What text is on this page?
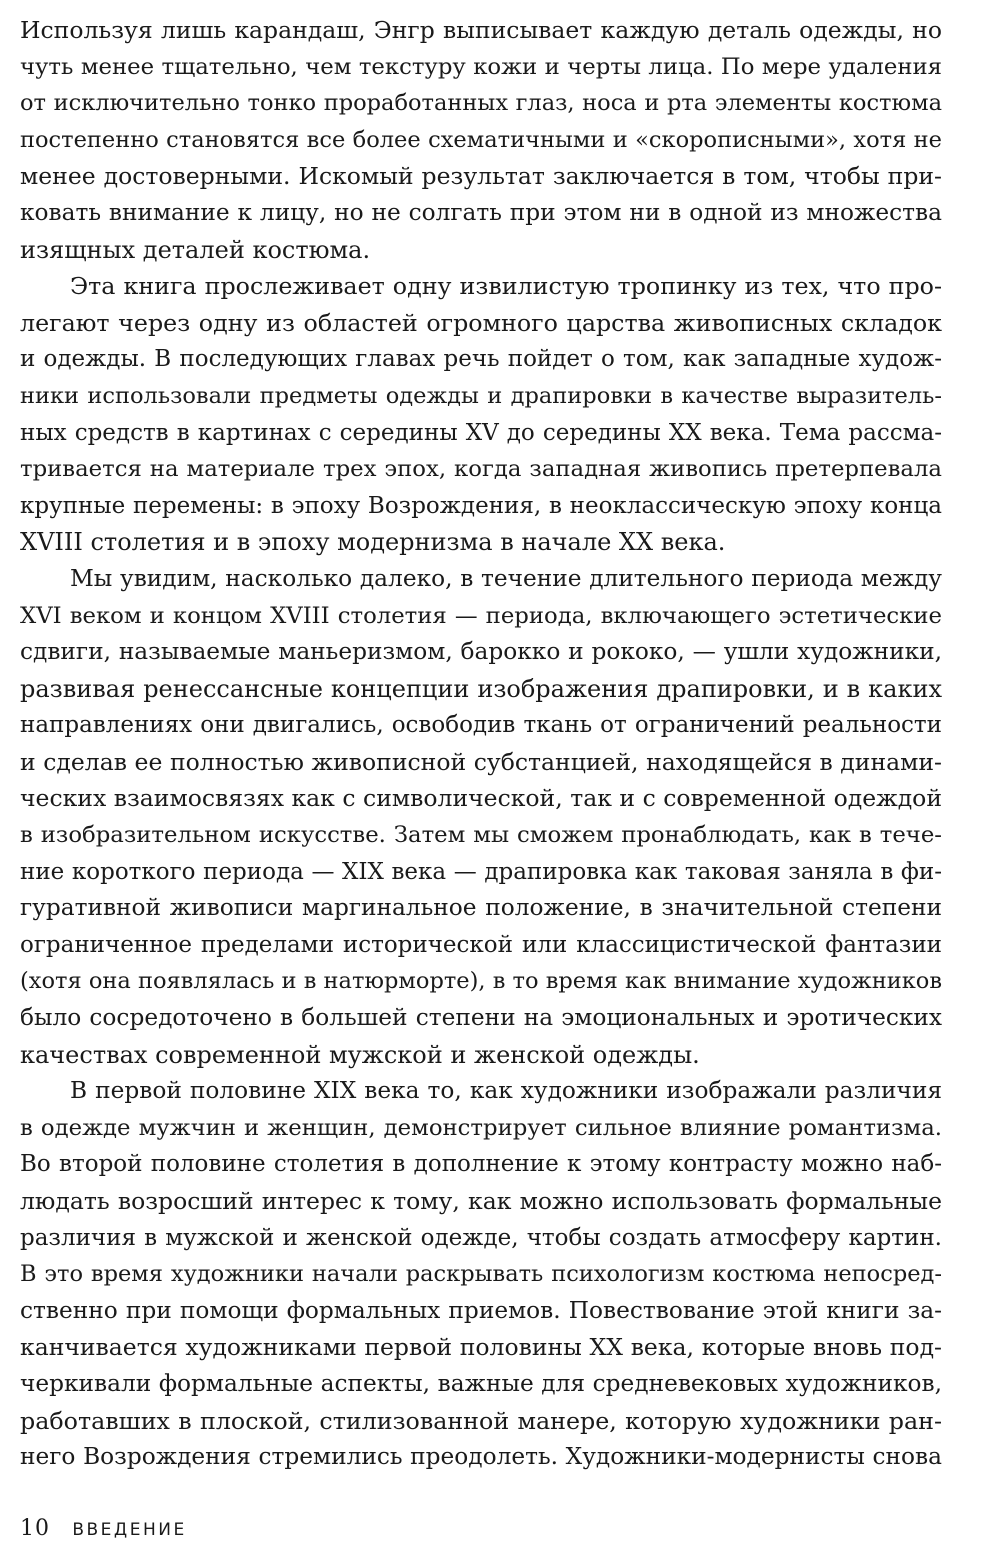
Используя лишь карандаш, Энгр выписывает каждую деталь одежды, но
чуть менее тщательно, чем текстуру кожи и черты лица. По мере удаления
от исключительно тонко проработанных глаз, носа и рта элементы костюма
постепенно становятся все более схематичными и «скорописными», хотя не
менее достоверными. Искомый результат заключается в том, чтобы при-
ковать внимание к лицу, но не солгать при этом ни в одной из множества
изящных деталей костюма.
Эта книга прослеживает одну извилистую тропинку из тех, что про-
легают через одну из областей огромного царства живописных складок
и одежды. В последующих главах речь пойдет о том, как западные худож-
ники использовали предметы одежды и драпировки в качестве выразитель-
ных средств в картинах с середины XV до середины XX века. Тема рассма-
тривается на материале трех эпох, когда западная живопись претерпевала
крупные перемены: в эпоху Возрождения, в неоклассическую эпоху конца
XVIII столетия и в эпоху модернизма в начале XX века.
Мы увидим, насколько далеко, в течение длительного периода между
XVI веком и концом XVIII столетия — периода, включающего эстетические
сдвиги, называемые маньеризмом, барокко и рококо, — ушли художники,
развивая ренессансные концепции изображения драпировки, и в каких
направлениях они двигались, освободив ткань от ограничений реальности
и сделав ее полностью живописной субстанцией, находящейся в динами-
ческих взаимосвязях как с символической, так и с современной одеждой
в изобразительном искусстве. Затем мы сможем пронаблюдать, как в тече-
ние короткого периода — XIX века — драпировка как таковая заняла в фи-
гуративной живописи маргинальное положение, в значительной степени
ограниченное пределами исторической или классицистической фантазии
(хотя она появлялась и в натюрморте), в то время как внимание художников
было сосредоточено в большей степени на эмоциональных и эротических
качествах современной мужской и женской одежды.
В первой половине XIX века то, как художники изображали различия
в одежде мужчин и женщин, демонстрирует сильное влияние романтизма.
Во второй половине столетия в дополнение к этому контрасту можно наб-
людать возросший интерес к тому, как можно использовать формальные
различия в мужской и женской одежде, чтобы создать атмосферу картин.
В это время художники начали раскрывать психологизм костюма непосред-
ственно при помощи формальных приемов. Повествование этой книги за-
канчивается художниками первой половины XX века, которые вновь под-
черкивали формальные аспекты, важные для средневековых художников,
работавших в плоской, стилизованной манере, которую художники ран-
него Возрождения стремились преодолеть. Художники-модернисты снова
10 ВВЕДЕНИЕ
